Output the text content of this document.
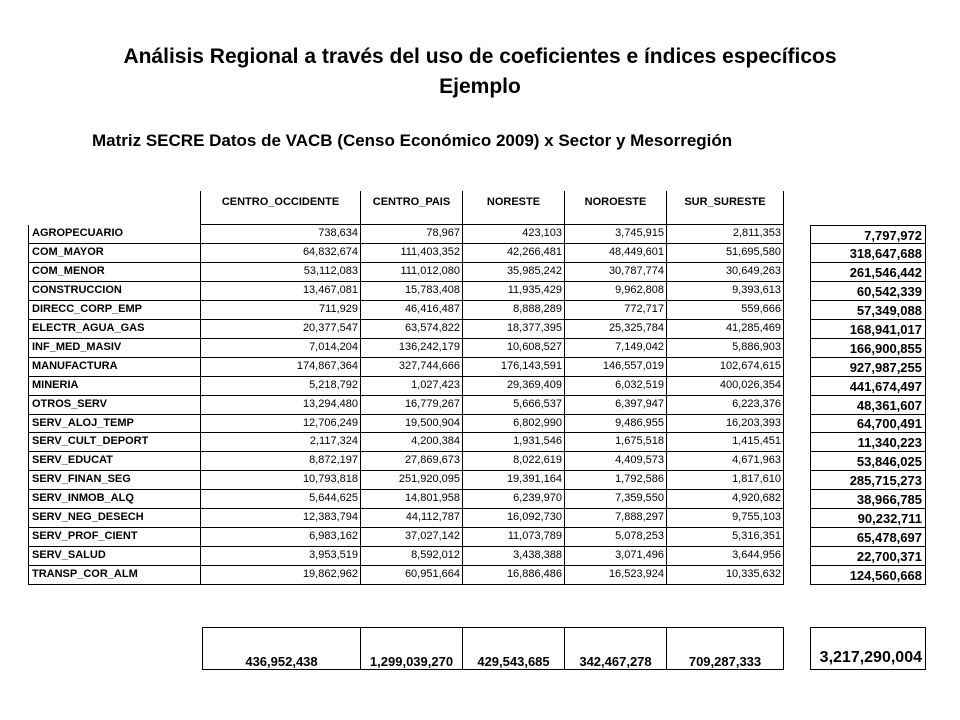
Análisis Regional a través del uso de coeficientes e índices específicos
Ejemplo
Matriz SECRE Datos de VACB (Censo Económico 2009) x Sector y Mesorregión
CENTRO_OCCIDENTE	CENTRO_PAIS	NORESTE	NOROESTE	SUR_SURESTE
AGROPECUARIO	738,634	78,967	423,103	3,745,915	2,811,353	7,797,972
COM_MAYOR	64,832,674	111,403,352	42,266,481	48,449,601	51,695,580	318,647,688
COM_MENOR	53,112,083	111,012,080	35,985,242	30,787,774	30,649,263	261,546,442
CONSTRUCCION	13,467,081	15,783,408	11,935,429	9,962,808	9,393,613	60,542,339
DIRECC_CORP_EMP	711,929	46,416,487	8,888,289	772,717	559,666	57,349,088
ELECTR_AGUA_GAS	20,377,547	63,574,822	18,377,395	25,325,784	41,285,469	168,941,017
INF_MED_MASIV	7,014,204	136,242,179	10,608,527	7,149,042	5,886,903	166,900,855
MANUFACTURA	174,867,364	327,744,666	176,143,591	146,557,019	102,674,615	927,987,255
MINERIA	5,218,792	1,027,423	29,369,409	6,032,519	400,026,354	441,674,497
OTROS_SERV	13,294,480	16,779,267	5,666,537	6,397,947	6,223,376	48,361,607
SERV_ALOJ_TEMP	12,706,249	19,500,904	6,802,990	9,486,955	16,203,393	64,700,491
SERV_CULT_DEPORT	2,117,324	4,200,384	1,931,546	1,675,518	1,415,451	11,340,223
SERV_EDUCAT	8,872,197	27,869,673	8,022,619	4,409,573	4,671,963	53,846,025
SERV_FINAN_SEG	10,793,818	251,920,095	19,391,164	1,792,586	1,817,610	285,715,273
SERV_INMOB_ALQ	5,644,625	14,801,958	6,239,970	7,359,550	4,920,682	38,966,785
SERV_NEG_DESECH	12,383,794	44,112,787	16,092,730	7,888,297	9,755,103	90,232,711
SERV_PROF_CIENT	6,983,162	37,027,142	11,073,789	5,078,253	5,316,351	65,478,697
SERV_SALUD	3,953,519	8,592,012	3,438,388	3,071,496	3,644,956	22,700,371
TRANSP_COR_ALM	19,862,962	60,951,664	16,886,486	16,523,924	10,335,632	124,560,668
436,952,438	1,299,039,270	429,543,685	342,467,278	709,287,333	3,217,290,004
